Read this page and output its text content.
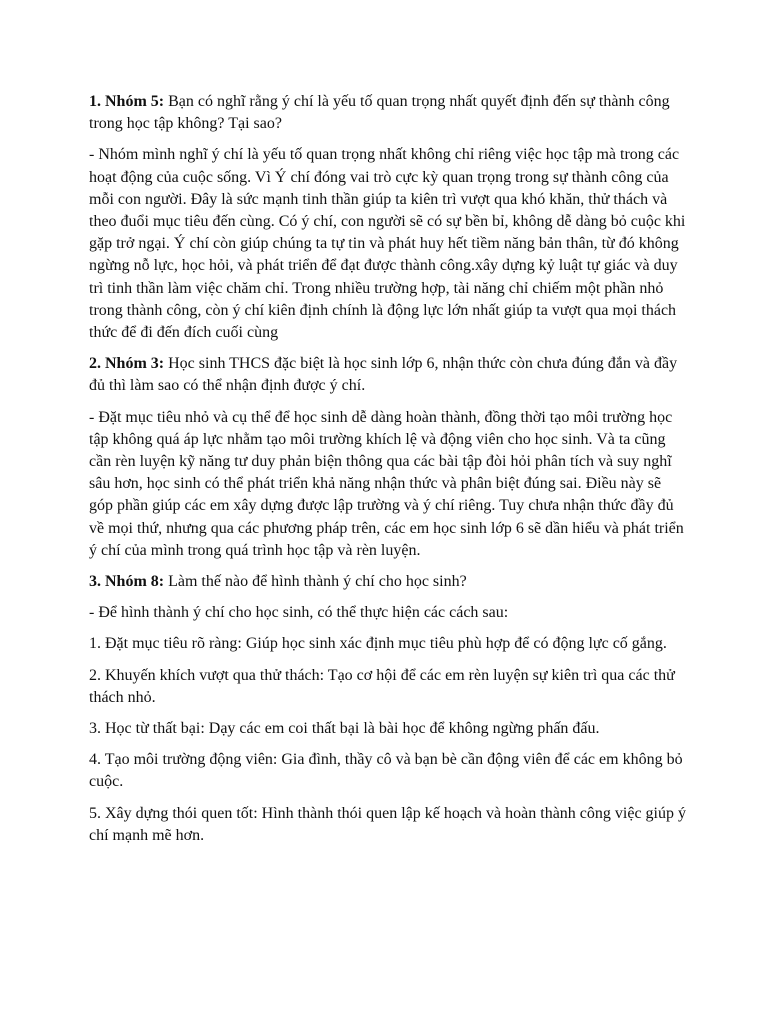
1. Nhóm 5: Bạn có nghĩ rằng ý chí là yếu tố quan trọng nhất quyết định đến sự thành công trong học tập không? Tại sao?

- Nhóm mình nghĩ ý chí là yếu tố quan trọng nhất không chỉ riêng việc học tập mà trong các hoạt động của cuộc sống. Vì Ý chí đóng vai trò cực kỳ quan trọng trong sự thành công của mỗi con người. Đây là sức mạnh tinh thần giúp ta kiên trì vượt qua khó khăn, thử thách và theo đuổi mục tiêu đến cùng. Có ý chí, con người sẽ có sự bền bỉ, không dễ dàng bỏ cuộc khi gặp trở ngại. Ý chí còn giúp chúng ta tự tin và phát huy hết tiềm năng bản thân, từ đó không ngừng nỗ lực, học hỏi, và phát triển để đạt được thành công.xây dựng kỷ luật tự giác và duy trì tinh thần làm việc chăm chỉ. Trong nhiều trường hợp, tài năng chỉ chiếm một phần nhỏ trong thành công, còn ý chí kiên định chính là động lực lớn nhất giúp ta vượt qua mọi thách thức để đi đến đích cuối cùng

2. Nhóm 3: Học sinh THCS đặc biệt là học sinh lớp 6, nhận thức còn chưa đúng đắn và đầy đủ thì làm sao có thể nhận định được ý chí.

- Đặt mục tiêu nhỏ và cụ thể để học sinh dễ dàng hoàn thành, đồng thời tạo môi trường học tập không quá áp lực nhằm tạo môi trường khích lệ và động viên cho học sinh. Và ta cũng cần rèn luyện kỹ năng tư duy phản biện thông qua các bài tập đòi hỏi phân tích và suy nghĩ sâu hơn, học sinh có thể phát triển khả năng nhận thức và phân biệt đúng sai. Điều này sẽ góp phần giúp các em xây dựng được lập trường và ý chí riêng. Tuy chưa nhận thức đầy đủ về mọi thứ, nhưng qua các phương pháp trên, các em học sinh lớp 6 sẽ dần hiểu và phát triển ý chí của mình trong quá trình học tập và rèn luyện.

3. Nhóm 8: Làm thế nào để hình thành ý chí cho học sinh?

- Để hình thành ý chí cho học sinh, có thể thực hiện các cách sau:

1. Đặt mục tiêu rõ ràng: Giúp học sinh xác định mục tiêu phù hợp để có động lực cố gắng.

2. Khuyến khích vượt qua thử thách: Tạo cơ hội để các em rèn luyện sự kiên trì qua các thử thách nhỏ.

3. Học từ thất bại: Dạy các em coi thất bại là bài học để không ngừng phấn đấu.

4. Tạo môi trường động viên: Gia đình, thầy cô và bạn bè cần động viên để các em không bỏ cuộc.

5. Xây dựng thói quen tốt: Hình thành thói quen lập kế hoạch và hoàn thành công việc giúp ý chí mạnh mẽ hơn.
